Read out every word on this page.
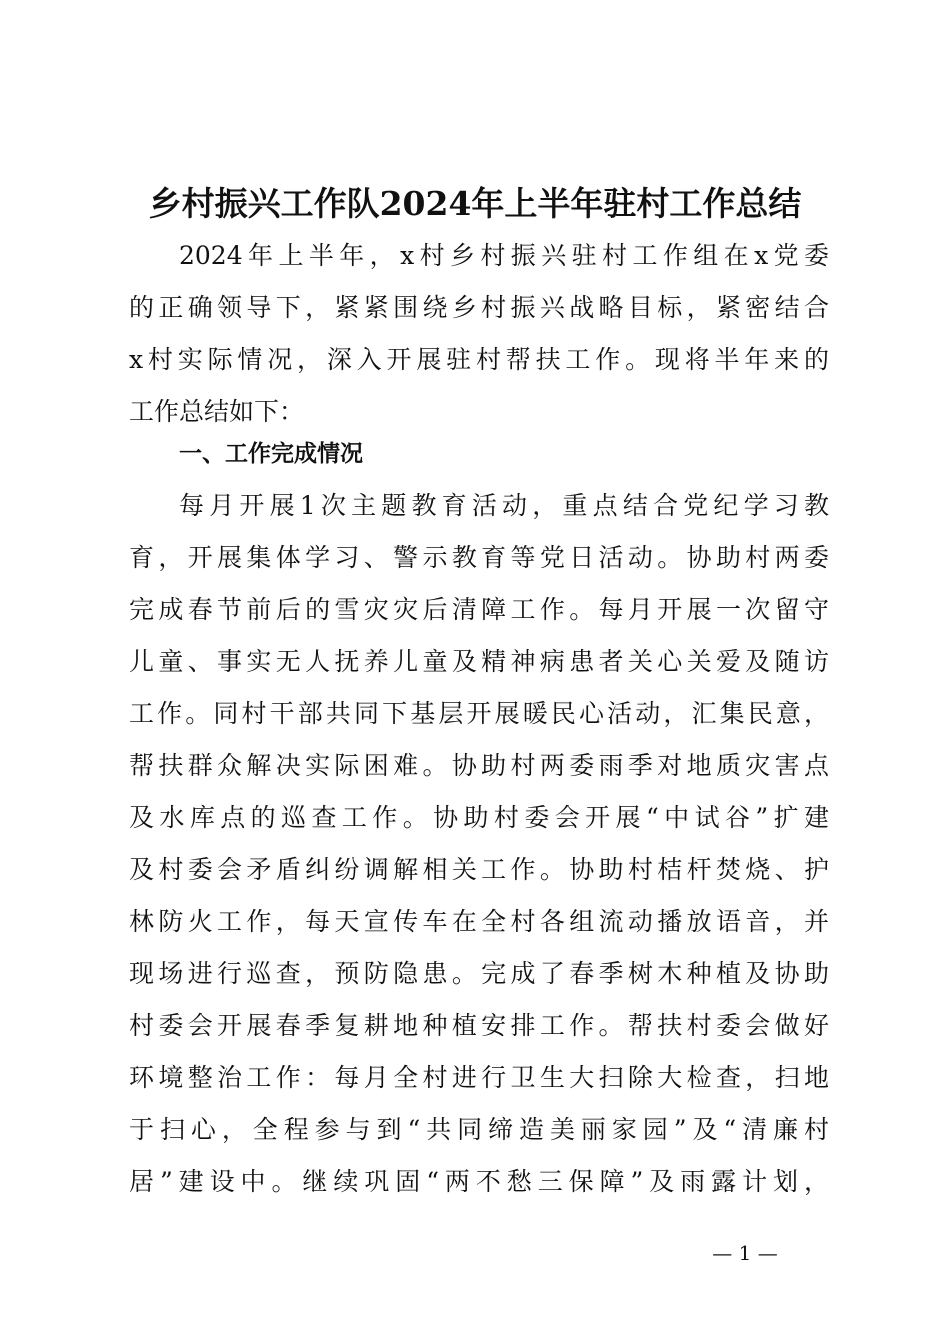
乡村振兴工作队2024年上半年驻村工作总结
2024年上半年，x村乡村振兴驻村工作组在x党委
的正确领导下，紧紧围绕乡村振兴战略目标，紧密结合
x村实际情况，深入开展驻村帮扶工作。现将半年来的
工作总结如下：
一、工作完成情况
每月开展1次主题教育活动，重点结合党纪学习教
育，开展集体学习、警示教育等党日活动。协助村两委
完成春节前后的雪灾灾后清障工作。每月开展一次留守
儿童、事实无人抚养儿童及精神病患者关心关爱及随访
工作。同村干部共同下基层开展暖民心活动，汇集民意，
帮扶群众解决实际困难。协助村两委雨季对地质灾害点
及水库点的巡查工作。协助村委会开展“中试谷”扩建
及村委会矛盾纠纷调解相关工作。协助村桔杆焚烧、护
林防火工作，每天宣传车在全村各组流动播放语音，并
现场进行巡查，预防隐患。完成了春季树木种植及协助
村委会开展春季复耕地种植安排工作。帮扶村委会做好
环境整治工作：每月全村进行卫生大扫除大检查，扫地
于扫心，全程参与到“共同缔造美丽家园”及“清廉村
居”建设中。继续巩固“两不愁三保障”及雨露计划，
— 1 —
